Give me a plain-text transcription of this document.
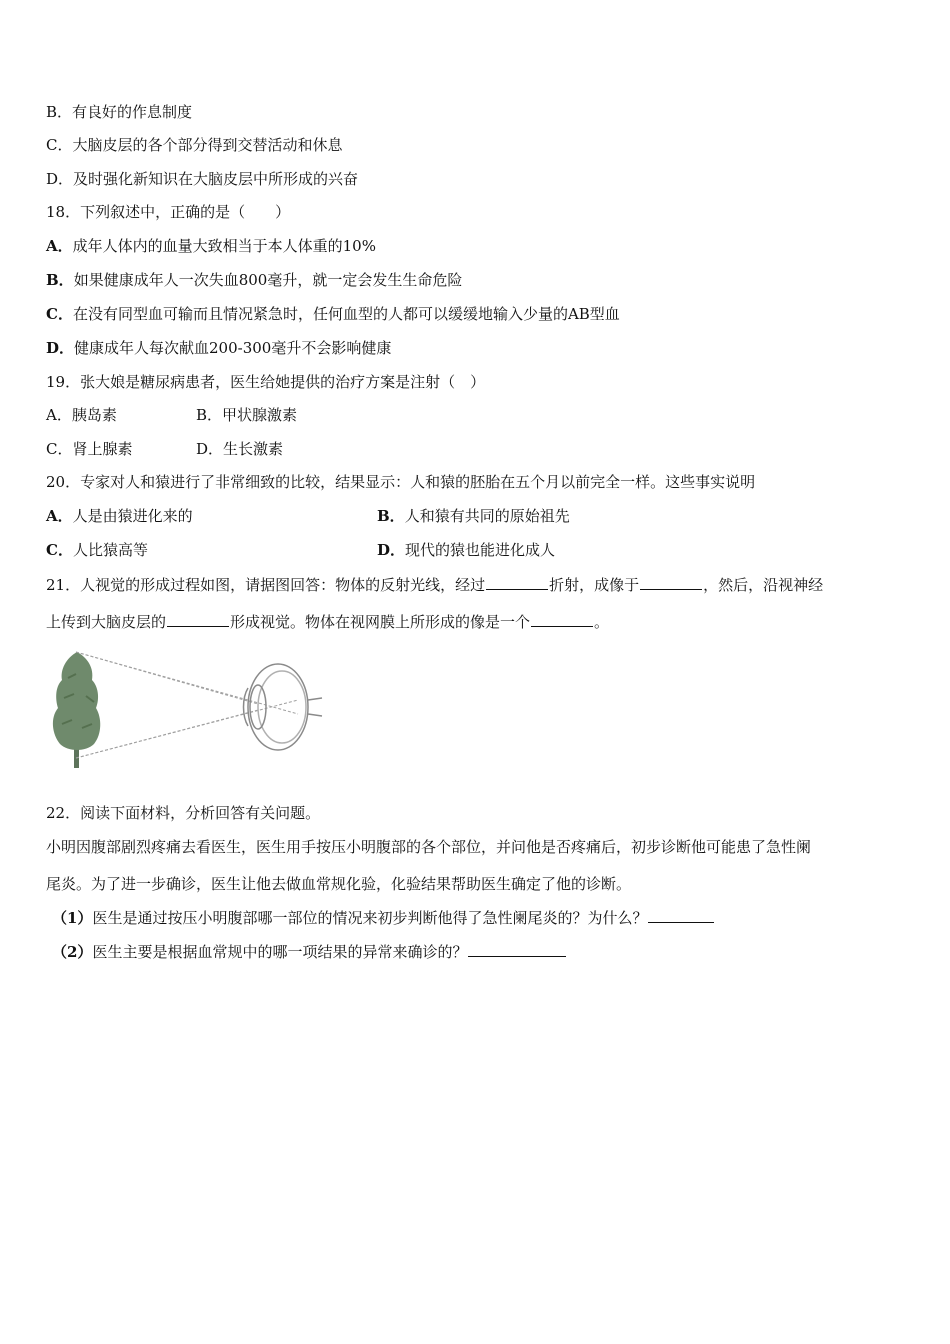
B．有良好的作息制度
C．大脑皮层的各个部分得到交替活动和休息
D．及时强化新知识在大脑皮层中所形成的兴奋
18．下列叙述中，正确的是（　　）
A．成年人体内的血量大致相当于本人体重的10%
B．如果健康成年人一次失血800毫升，就一定会发生生命危险
C．在没有同型血可输而且情况紧急时，任何血型的人都可以缓缓地输入少量的AB型血
D．健康成年人每次献血200-300毫升不会影响健康
19．张大娘是糖尿病患者，医生给她提供的治疗方案是注射（　）
A．胰岛素	B．甲状腺激素
C．肾上腺素	D．生长激素
20．专家对人和猿进行了非常细致的比较，结果显示：人和猿的胚胎在五个月以前完全一样。这些事实说明
A．人是由猿进化来的	B．人和猿有共同的原始祖先
C．人比猿高等	D．现代的猿也能进化成人
21．人视觉的形成过程如图，请据图回答：物体的反射光线，经过	折射，成像于	，然后，沿视神经
上传到大脑皮层的	形成视觉。物体在视网膜上所形成的像是一个	。
22．阅读下面材料，分析回答有关问题。
小明因腹部剧烈疼痛去看医生，医生用手按压小明腹部的各个部位，并问他是否疼痛后，初步诊断他可能患了急性阑
尾炎。为了进一步确诊，医生让他去做血常规化验，化验结果帮助医生确定了他的诊断。
（1）医生是通过按压小明腹部哪一部位的情况来初步判断他得了急性阑尾炎的？为什么？
（2）医生主要是根据血常规中的哪一项结果的异常来确诊的？
